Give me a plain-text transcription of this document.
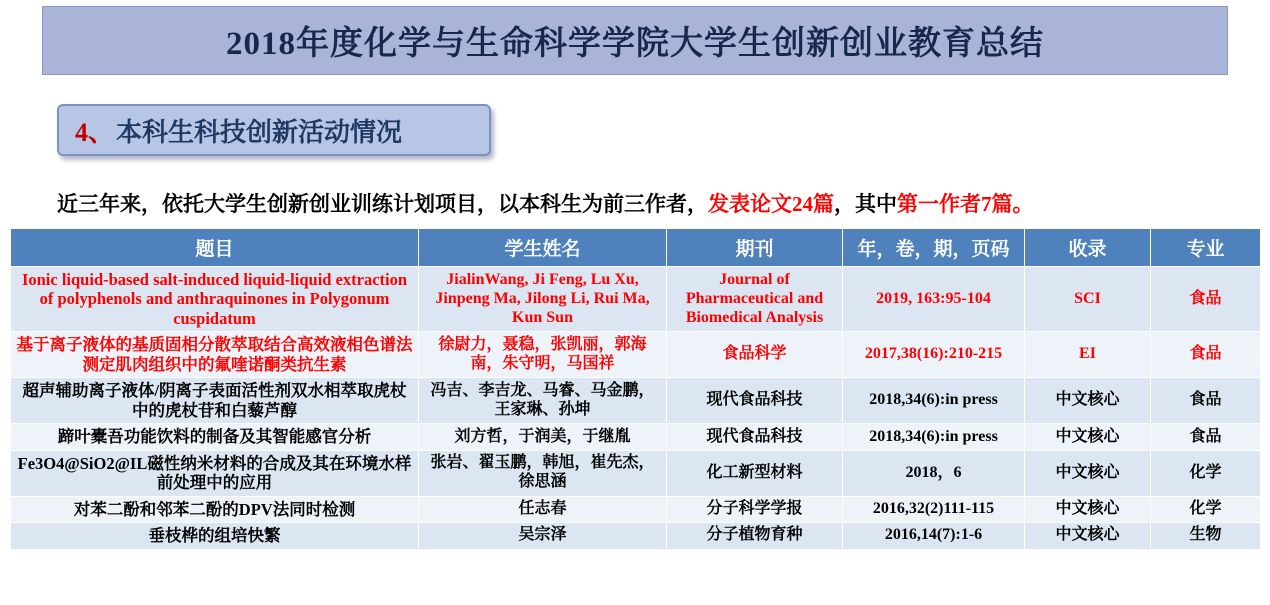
2018年度化学与生命科学学院大学生创新创业教育总结
4、 本科生科技创新活动情况
近三年来，依托大学生创新创业训练计划项目，以本科生为前三作者，发表论文24篇，其中第一作者7篇。
题目	学生姓名	期刊	年，卷，期，页码	收录	专业
Ionic liquid-based salt-induced liquid-liquid extraction of polyphenols and anthraquinones in Polygonum cuspidatum	JialinWang, Ji Feng, Lu Xu, Jinpeng Ma, Jilong Li, Rui Ma, Kun Sun	Journal of Pharmaceutical and Biomedical Analysis	2019, 163:95-104	SCI	食品
基于离子液体的基质固相分散萃取结合高效液相色谱法测定肌肉组织中的氟喹诺酮类抗生素	徐尉力，聂稳，张凯丽，郭海南，朱守明，马国祥	食品科学	2017,38(16):210-215	EI	食品
超声辅助离子液体/阴离子表面活性剂双水相萃取虎杖中的虎杖苷和白藜芦醇	冯吉、李吉龙、马睿、马金鹏，王家琳、孙坤	现代食品科技	2018,34(6):in press	中文核心	食品
蹄叶橐吾功能饮料的制备及其智能感官分析	刘方哲，于润美，于继胤	现代食品科技	2018,34(6):in press	中文核心	食品
Fe3O4@SiO2@IL磁性纳米材料的合成及其在环境水样前处理中的应用	张岩、翟玉鹏，韩旭，崔先杰，徐思涵	化工新型材料	2018，6	中文核心	化学
对苯二酚和邻苯二酚的DPV法同时检测	任志春	分子科学学报	2016,32(2)111-115	中文核心	化学
垂枝桦的组培快繁	吴宗泽	分子植物育种	2016,14(7):1-6	中文核心	生物
